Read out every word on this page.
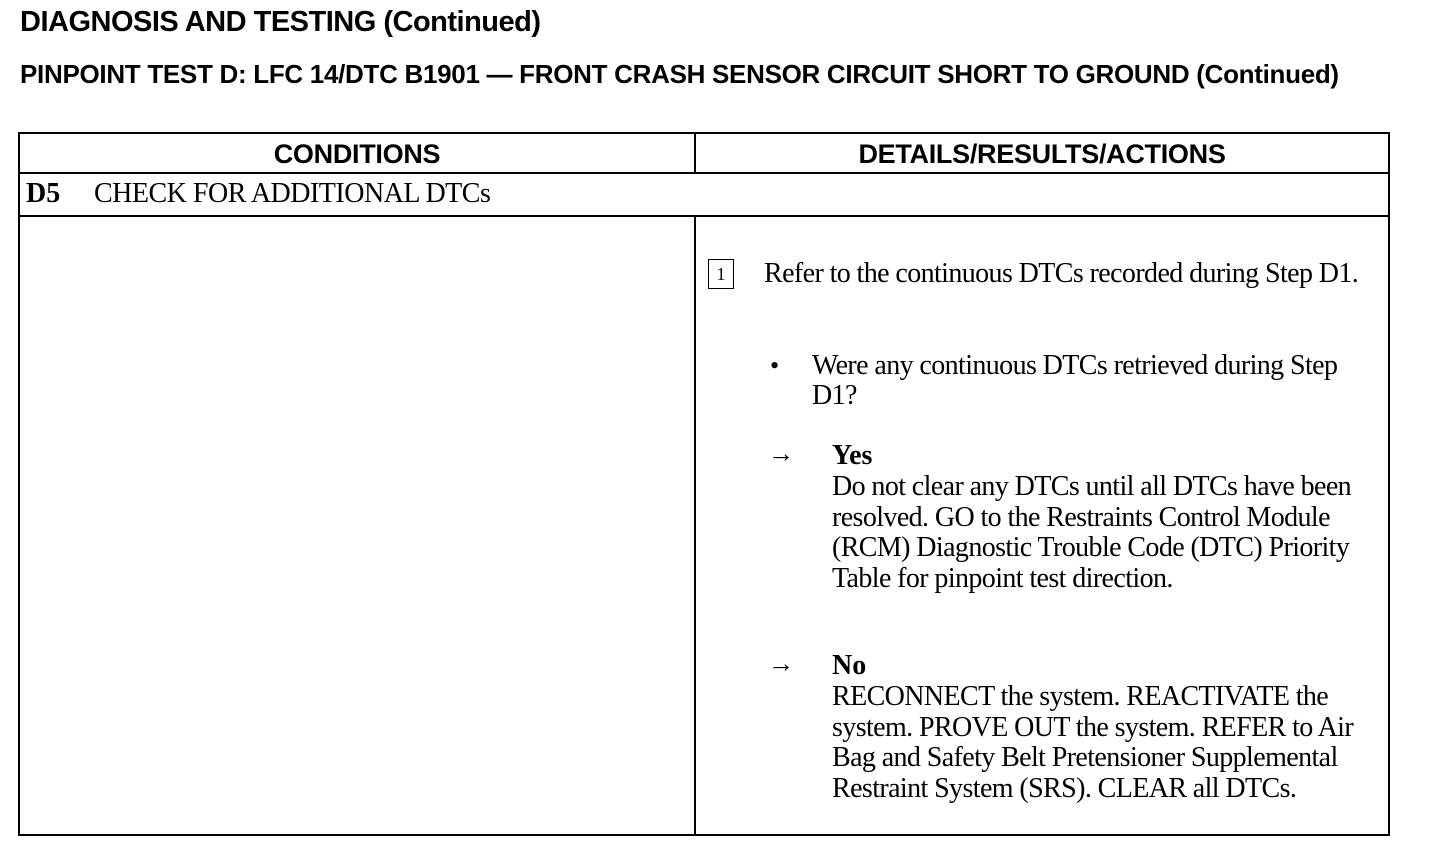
DIAGNOSIS AND TESTING (Continued)
PINPOINT TEST D: LFC 14/DTC B1901 — FRONT CRASH SENSOR CIRCUIT SHORT TO GROUND (Continued)
CONDITIONS	DETAILS/RESULTS/ACTIONS
D5 CHECK FOR ADDITIONAL DTCs
1	Refer to the continuous DTCs recorded during Step D1.
• Were any continuous DTCs retrieved during Step D1?
→ Yes
Do not clear any DTCs until all DTCs have been resolved. GO to the Restraints Control Module (RCM) Diagnostic Trouble Code (DTC) Priority Table for pinpoint test direction.
→ No
RECONNECT the system. REACTIVATE the system. PROVE OUT the system. REFER to Air Bag and Safety Belt Pretensioner Supplemental Restraint System (SRS). CLEAR all DTCs.
